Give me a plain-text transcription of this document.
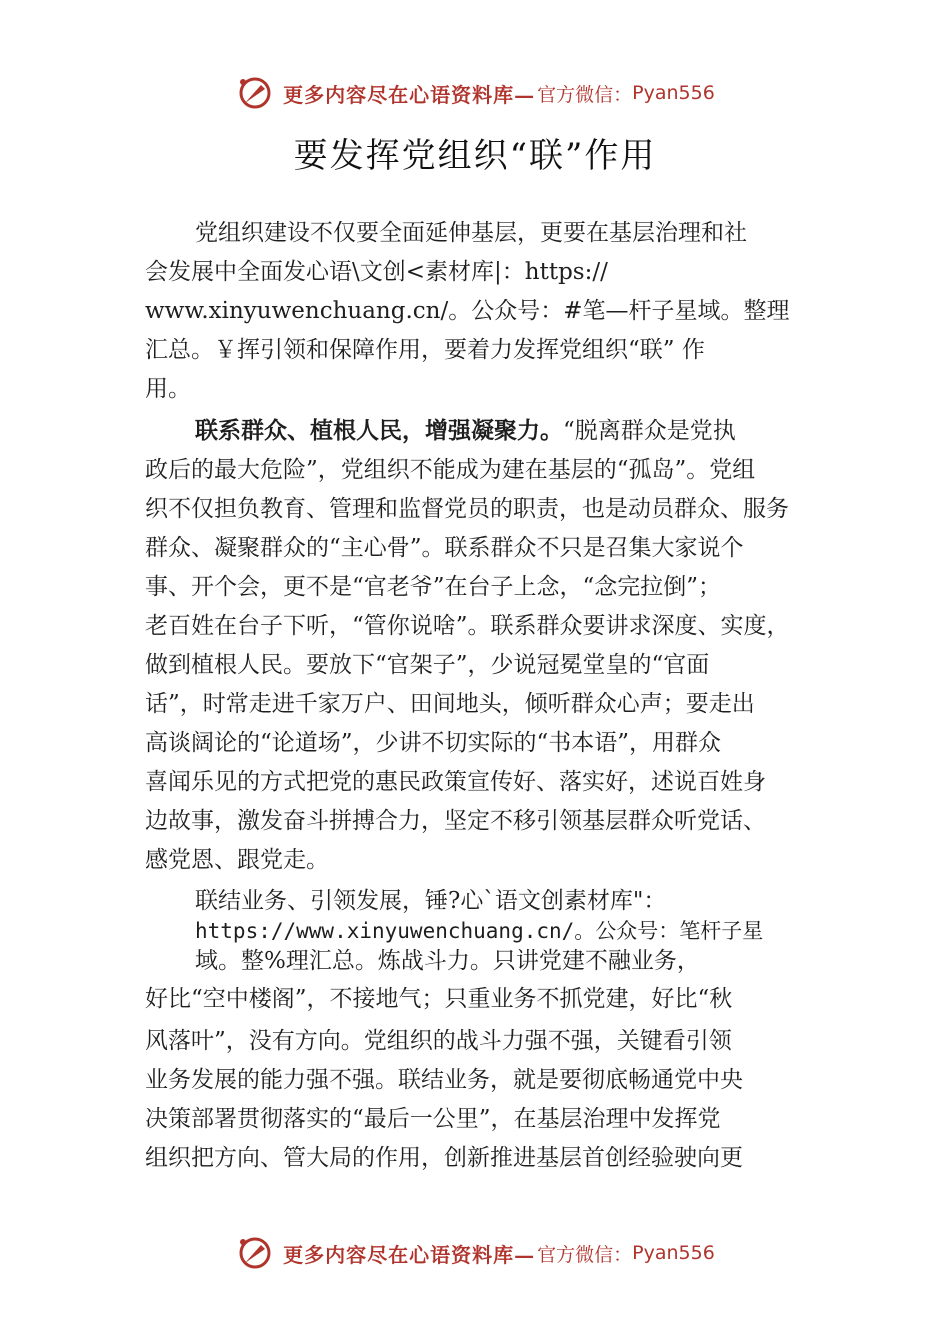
更多内容尽在心语资料库— 官方微信： Pyan556
要发挥党组织“联”作用
党组织建设不仅要全面延伸基层，更要在基层治理和社
会发展中全面发心语\文创<素材库|：https://
www.xinyuwenchuang.cn/。公众号：#笔—杆子星域。整理
汇总。￥挥引领和保障作用，要着力发挥党组织“联” 作
用。
联系群众、植根人民，增强凝聚力。“脱离群众是党执
政后的最大危险”，党组织不能成为建在基层的“孤岛”。党组
织不仅担负教育、管理和监督党员的职责，也是动员群众、服务
群众、凝聚群众的“主心骨”。联系群众不只是召集大家说个
事、开个会，更不是“官老爷”在台子上念，“念完拉倒”；
老百姓在台子下听，“管你说啥”。联系群众要讲求深度、实度，
做到植根人民。要放下“官架子”，少说冠冕堂皇的“官面
话”，时常走进千家万户、田间地头，倾听群众心声；要走出
高谈阔论的“论道场”，少讲不切实际的“书本语”，用群众
喜闻乐见的方式把党的惠民政策宣传好、落实好，述说百姓身
边故事，激发奋斗拼搏合力，坚定不移引领基层群众听党话、
感党恩、跟党走。
联结业务、引领发展，锤?心`语文创素材库"：
https://www.xinyuwenchuang.cn/。公众号：笔杆子星
域。整%理汇总。炼战斗力。只讲党建不融业务，
好比“空中楼阁”，不接地气；只重业务不抓党建，好比“秋
风落叶”，没有方向。党组织的战斗力强不强，关键看引领
业务发展的能力强不强。联结业务，就是要彻底畅通党中央
决策部署贯彻落实的“最后一公里”，在基层治理中发挥党
组织把方向、管大局的作用，创新推进基层首创经验驶向更
更多内容尽在心语资料库— 官方微信： Pyan556
